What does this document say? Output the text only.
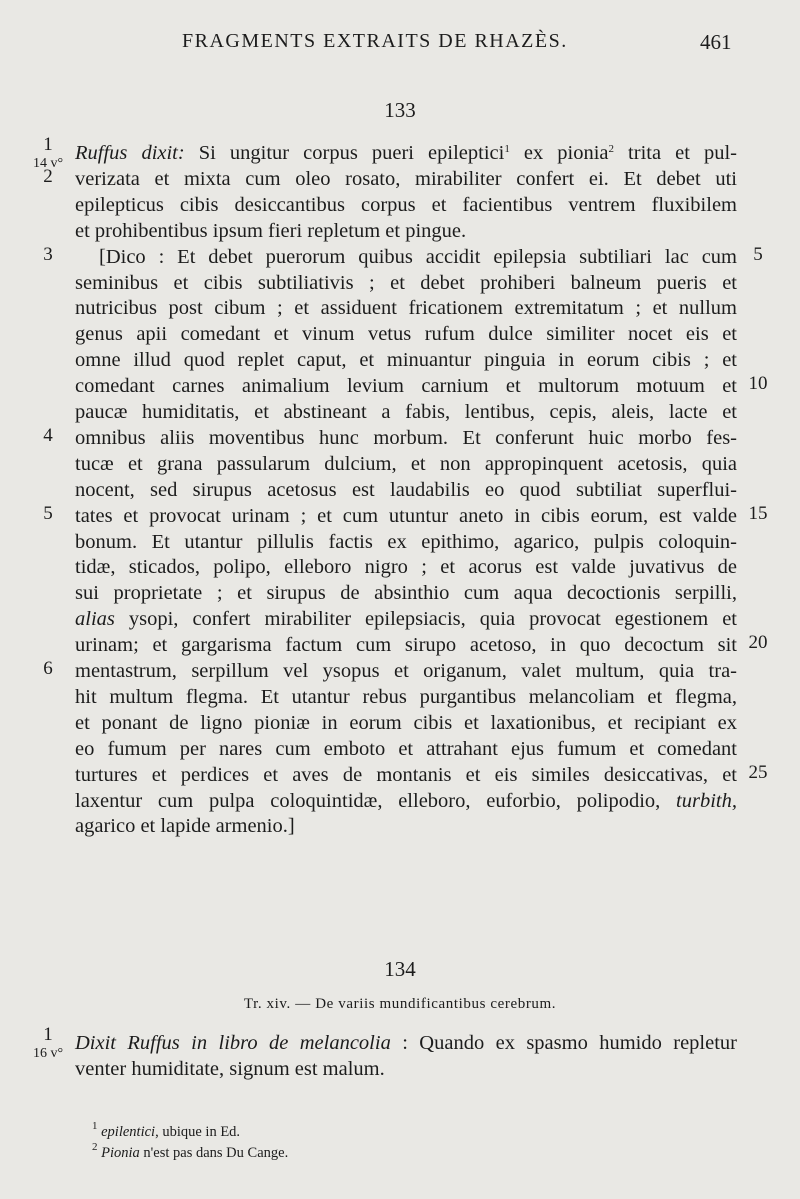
FRAGMENTS EXTRAITS DE RHAZÈS.	461
133
Ruffus dixit: Si ungitur corpus pueri epileptici$^1$ ex pionia$^2$ trita et pul-
verizata et mixta cum oleo rosato, mirabiliter confert ei. Et debet uti
epilepticus cibis desiccantibus corpus et facientibus ventrem fluxibilem
et prohibentibus ipsum fieri repletum et pingue.
[Dico : Et debet puerorum quibus accidit epilepsia subtiliari lac cum
seminibus et cibis subtiliativis ; et debet prohiberi balneum pueris et
nutricibus post cibum ; et assiduent fricationem extremitatum ; et nullum
genus apii comedant et vinum vetus rufum dulce similiter nocet eis et
omne illud quod replet caput, et minuantur pinguia in eorum cibis ; et
comedant carnes animalium levium carnium et multorum motuum et
paucæ humiditatis, et abstineant a fabis, lentibus, cepis, aleis, lacte et
omnibus aliis moventibus hunc morbum. Et conferunt huic morbo fes-
tucæ et grana passularum dulcium, et non appropinquent acetosis, quia
nocent, sed sirupus acetosus est laudabilis eo quod subtiliat superflui-
tates et provocat urinam ; et cum utuntur aneto in cibis eorum, est valde
bonum. Et utantur pillulis factis ex epithimo, agarico, pulpis coloquin-
tidæ, sticados, polipo, elleboro nigro ; et acorus est valde juvativus de
sui proprietate ; et sirupus de absinthio cum aqua decoctionis serpilli,
alias ysopi, confert mirabiliter epilepsiacis, quia provocat egestionem et
urinam; et gargarisma factum cum sirupo acetoso, in quo decoctum sit
mentastrum, serpillum vel ysopus et origanum, valet multum, quia tra-
hit multum flegma. Et utantur rebus purgantibus melancoliam et flegma,
et ponant de ligno pioniæ in eorum cibis et laxationibus, et recipiant ex
eo fumum per nares cum emboto et attrahant ejus fumum et comedant
turtures et perdices et aves de montanis et eis similes desiccativas, et
laxentur cum pulpa coloquintidæ, elleboro, euforbio, polipodio, turbith,
agarico et lapide armenio.]
1
14 v°
2
3
4
5
6
5
10
15
20
25
134
Tr. xiv. — De variis mundificantibus cerebrum.
Dixit Ruffus in libro de melancolia : Quando ex spasmo humido repletur
venter humiditate, signum est malum.
1
16 v°
$^1$ epilentici, ubique in Ed.
$^2$ Pionia n'est pas dans Du Cange.
